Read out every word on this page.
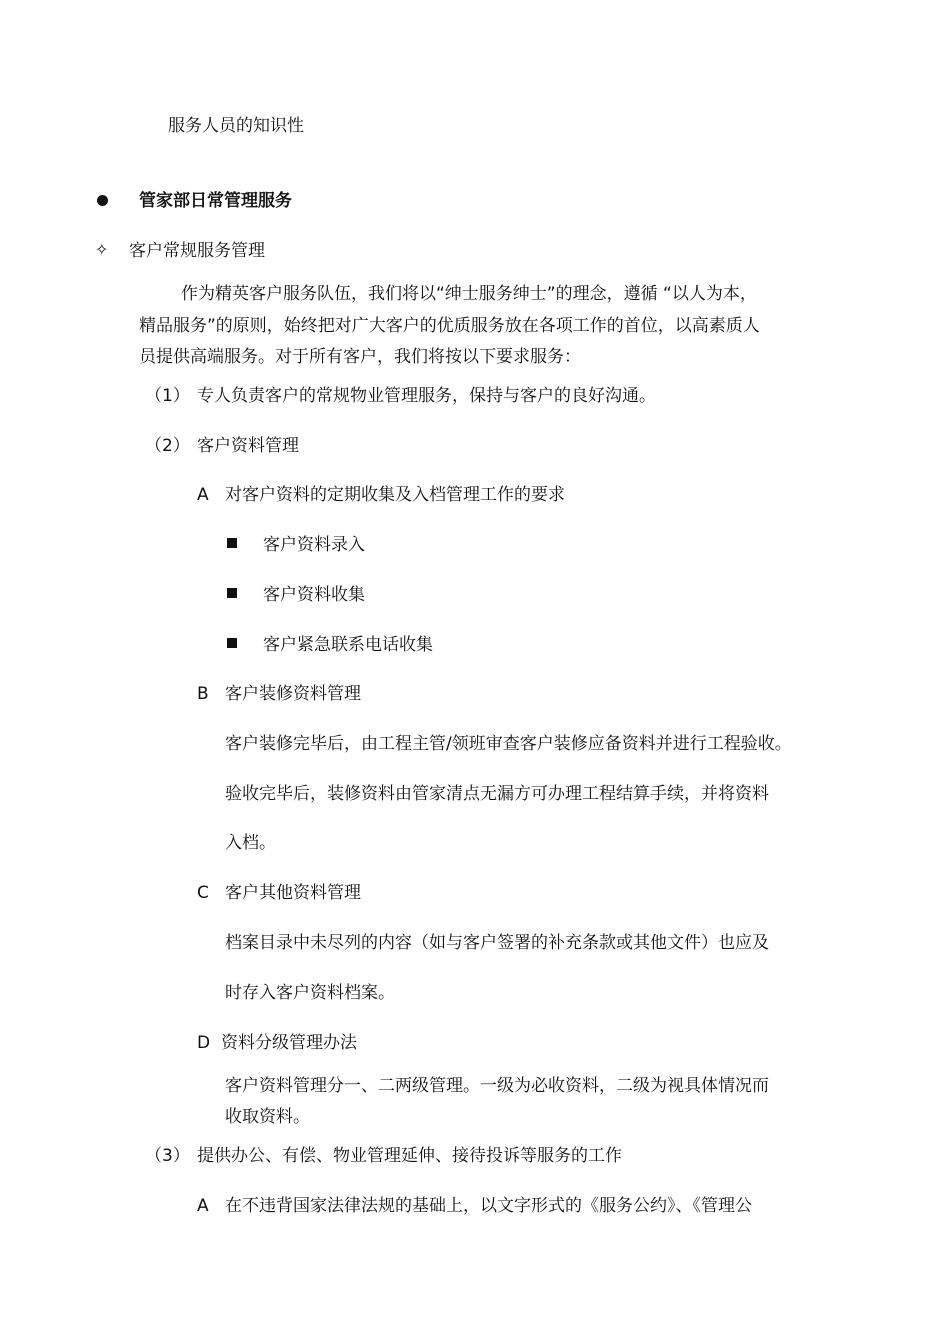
服务人员的知识性
管家部日常管理服务
✧ 客户常规服务管理
作为精英客户服务队伍，我们将以“绅士服务绅士”的理念，遵循 “以人为本，
精品服务”的原则，始终把对广大客户的优质服务放在各项工作的首位，以高素质人
员提供高端服务。对于所有客户，我们将按以下要求服务：
（1） 专人负责客户的常规物业管理服务，保持与客户的良好沟通。
（2） 客户资料管理
A 对客户资料的定期收集及入档管理工作的要求
客户资料录入
客户资料收集
客户紧急联系电话收集
B 客户装修资料管理
客户装修完毕后，由工程主管/领班审查客户装修应备资料并进行工程验收。
验收完毕后，装修资料由管家清点无漏方可办理工程结算手续，并将资料
入档。
C 客户其他资料管理
档案目录中未尽列的内容（如与客户签署的补充条款或其他文件）也应及
时存入客户资料档案。
D 资料分级管理办法
客户资料管理分一、二两级管理。一级为必收资料，二级为视具体情况而
收取资料。
（3） 提供办公、有偿、物业管理延伸、接待投诉等服务的工作
A 在不违背国家法律法规的基础上，以文字形式的《服务公约》、《管理公
